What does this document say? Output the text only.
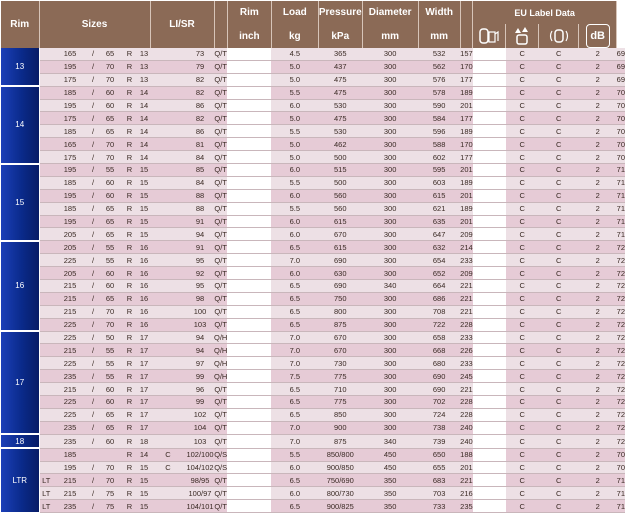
Rim	Sizes						LI/SR			Rim	Load	Pressure	Diameter	Width		EU Label Data				
										inch	kg	kPa	mm	mm					dB	
13		165	/	65	R	13		73	Q/T		4.5	365	300	532	157		C	C	2	69
		195	/	70	R	13		79	Q/T		5.0	437	300	562	170		C	C	2	69
		175	/	70	R	13		82	Q/T		5.0	475	300	576	177		C	C	2	69
14		185	/	60	R	14		82	Q/T		5.5	475	300	578	189		C	C	2	70
		195	/	60	R	14		86	Q/T		6.0	530	300	590	201		C	C	2	70
		175	/	65	R	14		82	Q/T		5.0	475	300	584	177		C	C	2	70
		185	/	65	R	14		86	Q/T		5.5	530	300	596	189		C	C	2	70
		165	/	70	R	14		81	Q/T		5.0	462	300	588	170		C	C	2	70
		175	/	70	R	14		84	Q/T		5.0	500	300	602	177		C	C	2	70
15		195	/	55	R	15		85	Q/T		6.0	515	300	595	201		C	C	2	71
		185	/	60	R	15		84	Q/T		5.5	500	300	603	189		C	C	2	71
		195	/	60	R	15		88	Q/T		6.0	560	300	615	201		C	C	2	71
		185	/	65	R	15		88	Q/T		5.5	560	300	621	189		C	C	2	71
		195	/	65	R	15		91	Q/T		6.0	615	300	635	201		C	C	2	71
		205	/	65	R	15		94	Q/T		6.0	670	300	647	209		C	C	2	71
16		205	/	55	R	16		91	Q/T		6.5	615	300	632	214		C	C	2	72
		225	/	55	R	16		95	Q/T		7.0	690	300	654	233		C	C	2	72
		205	/	60	R	16		92	Q/T		6.0	630	300	652	209		C	C	2	72
		215	/	60	R	16		95	Q/T		6.5	690	340	664	221		C	C	2	72
		215	/	65	R	16		98	Q/T		6.5	750	300	686	221		C	C	2	72
		215	/	70	R	16		100	Q/T		6.5	800	300	708	221		C	C	2	72
		225	/	70	R	16		103	Q/T		6.5	875	300	722	228		C	C	2	72
17		225	/	50	R	17		94	Q/H		7.0	670	300	658	233		C	C	2	72
		215	/	55	R	17		94	Q/H		7.0	670	300	668	226		C	C	2	72
		225	/	55	R	17		97	Q/H		7.0	730	300	680	233		C	C	2	72
		235	/	55	R	17		99	Q/H		7.5	775	300	690	245		C	C	2	72
		215	/	60	R	17		96	Q/T		6.5	710	300	690	221		C	C	2	72
		225	/	60	R	17		99	Q/T		6.5	775	300	702	228		C	C	2	72
		225	/	65	R	17		102	Q/T		6.5	850	300	724	228		C	C	2	72
		235	/	65	R	17		104	Q/T		7.0	900	300	738	240		C	C	2	72
18		235	/	60	R	18		103	Q/T		7.0	875	340	739	240		C	C	2	72
LTR		185			R	14	C	102/100	Q/S		5.5	850/800	450	650	188		C	C	2	70
		195	/	70	R	15	C	104/102	Q/S		6.0	900/850	450	655	201		C	C	2	70
	LT	215	/	70	R	15		98/95	Q/T		6.5	750/690	350	683	221		C	C	2	71
	LT	215	/	75	R	15		100/97	Q/T		6.0	800/730	350	703	216		C	C	2	71
	LT	235	/	75	R	15		104/101	Q/T		6.5	900/825	350	733	235		C	C	2	71
